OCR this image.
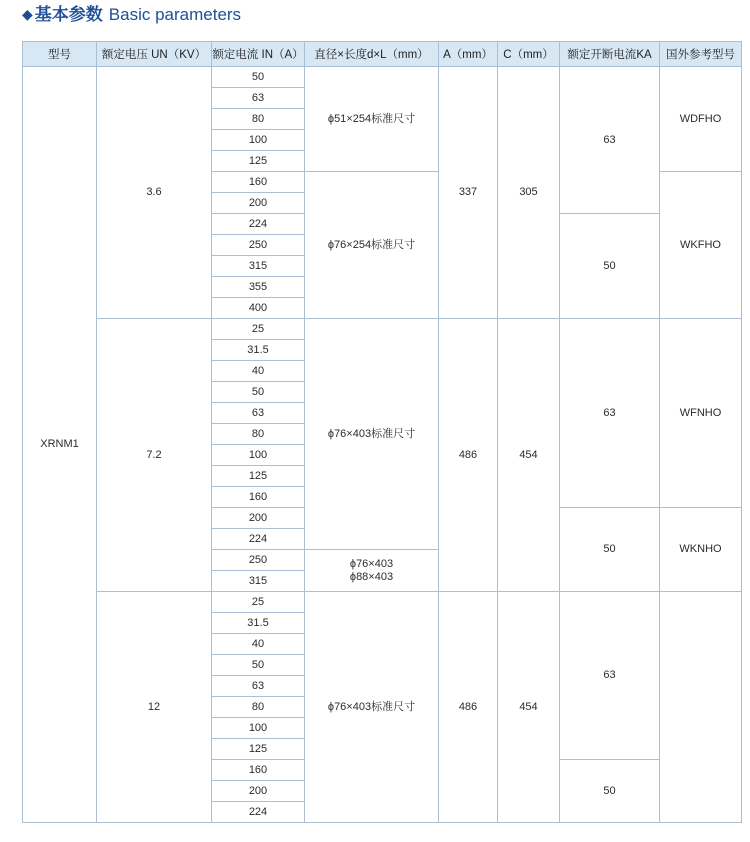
◆ 基本参数 Basic parameters
型号	额定电压 UN（KV）	额定电流 IN（A）	直径×长度d×L（mm）	A（mm）	C（mm）	额定开断电流KA	国外参考型号
XRNM1	3.6	50	ϕ51×254标准尺寸	337	305	63	WDFHO
		63					
		80					
		100					
		125					
		160	ϕ76×254标准尺寸				WKFHO
		200					
		224				50	
		250					
		315					
		355					
		400					
	7.2	25	ϕ76×403标准尺寸	486	454	63	WFNHO
		31.5					
		40					
		50					
		63					
		80					
		100					
		125					
		160					
		200				50	WKNHO
		224					
		250	ϕ76×403
ϕ88×403				
		315					
	12	25	ϕ76×403标准尺寸	486	454	63	
		31.5					
		40					
		50					
		63					
		80					
		100					
		125					
		160				50	
		200					
		224					
